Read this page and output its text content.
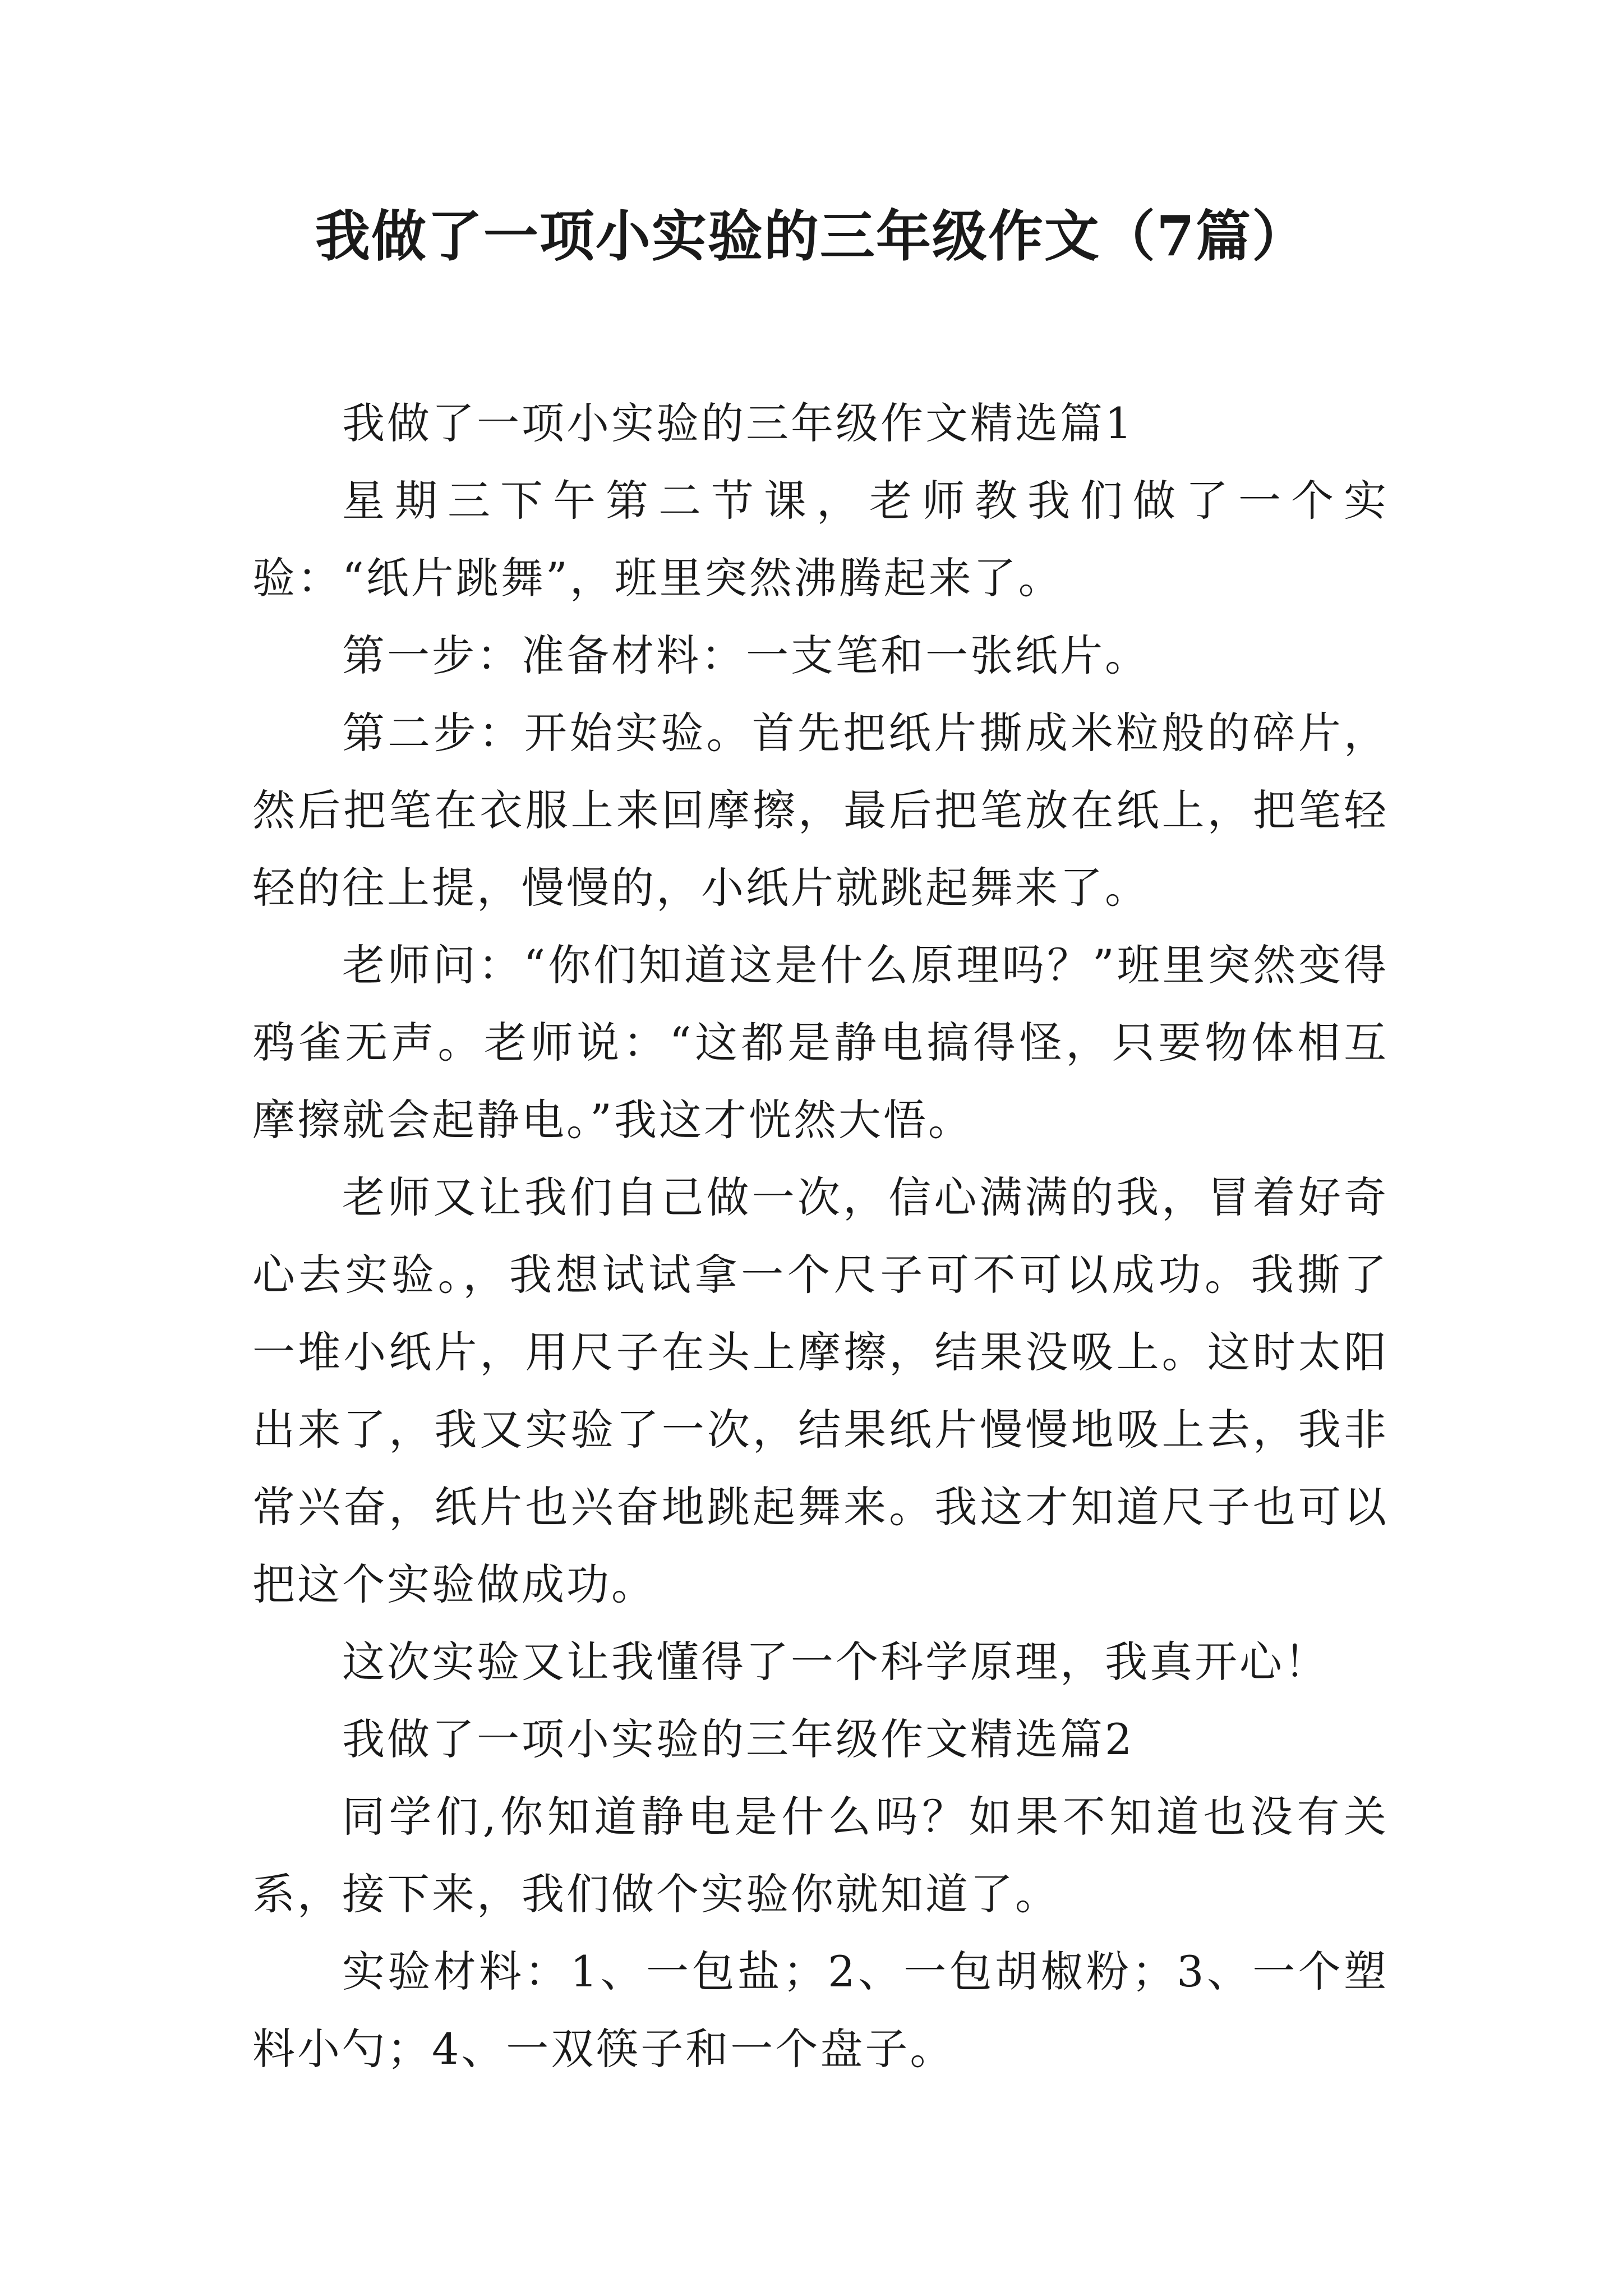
我做了一项小实验的三年级作文（7篇）

我做了一项小实验的三年级作文精选篇1

星期三下午第二节课，老师教我们做了一个实验：“纸片跳舞”，班里突然沸腾起来了。

第一步：准备材料：一支笔和一张纸片。

第二步：开始实验。首先把纸片撕成米粒般的碎片，然后把笔在衣服上来回摩擦，最后把笔放在纸上，把笔轻轻的往上提，慢慢的，小纸片就跳起舞来了。

老师问：“你们知道这是什么原理吗？”班里突然变得鸦雀无声。老师说：“这都是静电搞得怪，只要物体相互摩擦就会起静电。”我这才恍然大悟。

老师又让我们自己做一次，信心满满的我，冒着好奇心去实验。，我想试试拿一个尺子可不可以成功。我撕了一堆小纸片，用尺子在头上摩擦，结果没吸上。这时太阳出来了，我又实验了一次，结果纸片慢慢地吸上去，我非常兴奋，纸片也兴奋地跳起舞来。我这才知道尺子也可以把这个实验做成功。

这次实验又让我懂得了一个科学原理，我真开心！

我做了一项小实验的三年级作文精选篇2

同学们,你知道静电是什么吗？如果不知道也没有关系，接下来，我们做个实验你就知道了。

实验材料：1、一包盐；2、一包胡椒粉；3、一个塑料小勺；4、一双筷子和一个盘子。
